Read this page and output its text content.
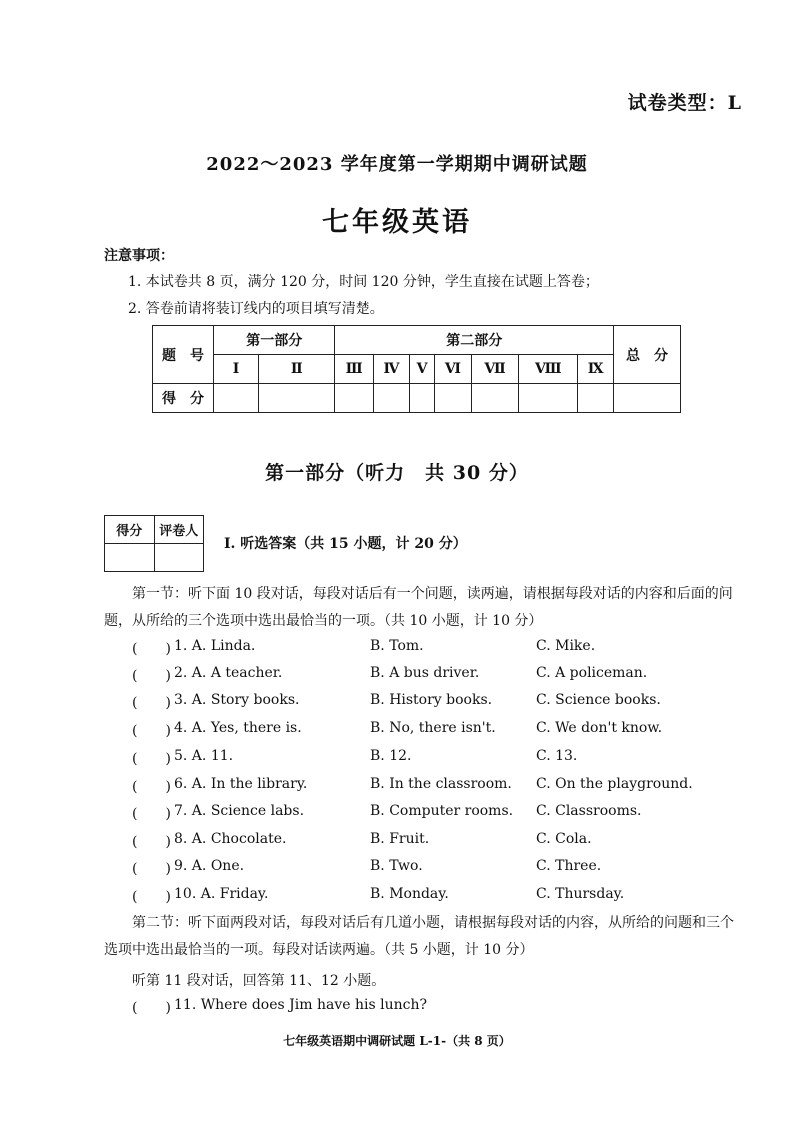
试卷类型：L
2022～2023 学年度第一学期期中调研试题
七年级英语
注意事项：
1. 本试卷共 8 页，满分 120 分，时间 120 分钟，学生直接在试题上答卷；
2. 答卷前请将装订线内的项目填写清楚。
题　号	第一部分		第二部分							总　分
	Ⅰ	Ⅱ	Ⅲ	Ⅳ	Ⅴ	Ⅵ	Ⅶ	Ⅷ	Ⅸ	
得　分										
第一部分（听力　共 30 分）
得分	评卷人

Ⅰ. 听选答案（共 15 小题，计 20 分）
第一节：听下面 10 段对话，每段对话后有一个问题，读两遍，请根据每段对话的内容和后面的问题，从所给的三个选项中选出最恰当的一项。（共 10 小题，计 10 分）
(　　) 1. A. Linda.	B. Tom.	C. Mike.
(　　) 2. A. A teacher.	B. A bus driver.	C. A policeman.
(　　) 3. A. Story books.	B. History books.	C. Science books.
(　　) 4. A. Yes, there is.	B. No, there isn't.	C. We don't know.
(　　) 5. A. 11.	B. 12.	C. 13.
(　　) 6. A. In the library.	B. In the classroom. C. On the playground.
(　　) 7. A. Science labs.	B. Computer rooms. C. Classrooms.
(　　) 8. A. Chocolate.	B. Fruit.	C. Cola.
(　　) 9. A. One.	B. Two.	C. Three.
(　　) 10. A. Friday.	B. Monday.	C. Thursday.
第二节：听下面两段对话，每段对话后有几道小题，请根据每段对话的内容，从所给的问题和三个选项中选出最恰当的一项。每段对话读两遍。（共 5 小题，计 10 分）
听第 11 段对话，回答第 11、12 小题。
(　　) 11. Where does Jim have his lunch?
七年级英语期中调研试题 L-1-（共 8 页）
